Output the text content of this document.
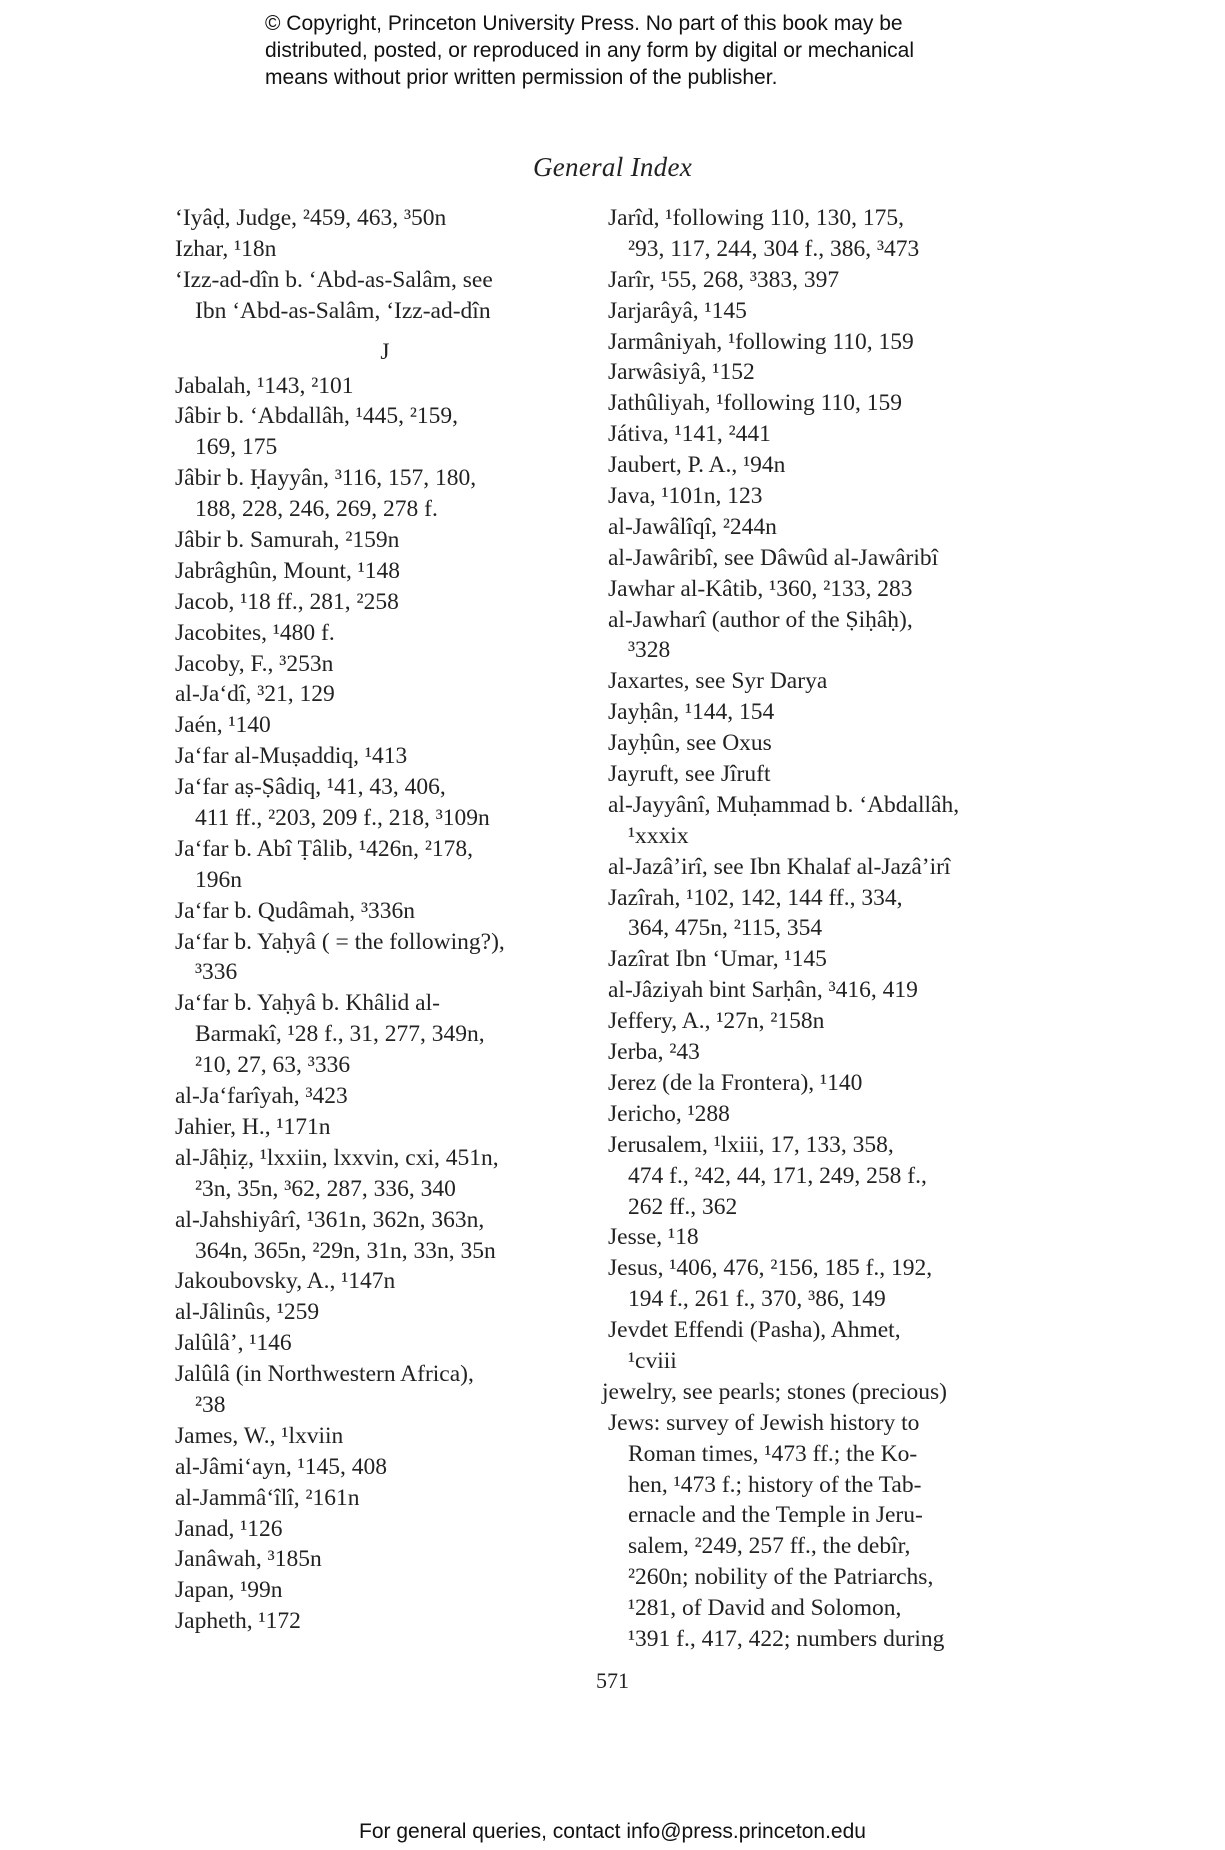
© Copyright, Princeton University Press. No part of this book may be
distributed, posted, or reproduced in any form by digital or mechanical
means without prior written permission of the publisher.
General Index
‘Iyâḍ, Judge, ²459, 463, ³50n
Izhar, ¹18n
‘Izz-ad-dîn b. ‘Abd-as-Salâm, see
Ibn ‘Abd-as-Salâm, ‘Izz-ad-dîn
J
Jabalah, ¹143, ²101
Jâbir b. ‘Abdallâh, ¹445, ²159,
169, 175
Jâbir b. Ḥayyân, ³116, 157, 180,
188, 228, 246, 269, 278 f.
Jâbir b. Samurah, ²159n
Jabrâghûn, Mount, ¹148
Jacob, ¹18 ff., 281, ²258
Jacobites, ¹480 f.
Jacoby, F., ³253n
al-Ja‘dî, ³21, 129
Jaén, ¹140
Ja‘far al-Muṣaddiq, ¹413
Ja‘far aṣ-Ṣâdiq, ¹41, 43, 406,
411 ff., ²203, 209 f., 218, ³109n
Ja‘far b. Abî Ṭâlib, ¹426n, ²178,
196n
Ja‘far b. Qudâmah, ³336n
Ja‘far b. Yaḥyâ ( = the following?),
³336
Ja‘far b. Yaḥyâ b. Khâlid al-
Barmakî, ¹28 f., 31, 277, 349n,
²10, 27, 63, ³336
al-Ja‘farîyah, ³423
Jahier, H., ¹171n
al-Jâḥiẓ, ¹lxxiin, lxxvin, cxi, 451n,
²3n, 35n, ³62, 287, 336, 340
al-Jahshiyârî, ¹361n, 362n, 363n,
364n, 365n, ²29n, 31n, 33n, 35n
Jakoubovsky, A., ¹147n
al-Jâlinûs, ¹259
Jalûlâ’, ¹146
Jalûlâ (in Northwestern Africa),
²38
James, W., ¹lxviin
al-Jâmi‘ayn, ¹145, 408
al-Jammâ‘îlî, ²161n
Janad, ¹126
Janâwah, ³185n
Japan, ¹99n
Japheth, ¹172
Jarîd, ¹following 110, 130, 175,
²93, 117, 244, 304 f., 386, ³473
Jarîr, ¹55, 268, ³383, 397
Jarjarâyâ, ¹145
Jarmâniyah, ¹following 110, 159
Jarwâsiyâ, ¹152
Jathûliyah, ¹following 110, 159
Játiva, ¹141, ²441
Jaubert, P. A., ¹94n
Java, ¹101n, 123
al-Jawâlîqî, ²244n
al-Jawâribî, see Dâwûd al-Jawâribî
Jawhar al-Kâtib, ¹360, ²133, 283
al-Jawharî (author of the Ṣiḥâḥ),
³328
Jaxartes, see Syr Darya
Jayḥân, ¹144, 154
Jayḥûn, see Oxus
Jayruft, see Jîruft
al-Jayyânî, Muḥammad b. ‘Abdallâh,
¹xxxix
al-Jazâ’irî, see Ibn Khalaf al-Jazâ’irî
Jazîrah, ¹102, 142, 144 ff., 334,
364, 475n, ²115, 354
Jazîrat Ibn ‘Umar, ¹145
al-Jâziyah bint Sarḥân, ³416, 419
Jeffery, A., ¹27n, ²158n
Jerba, ²43
Jerez (de la Frontera), ¹140
Jericho, ¹288
Jerusalem, ¹lxiii, 17, 133, 358,
474 f., ²42, 44, 171, 249, 258 f.,
262 ff., 362
Jesse, ¹18
Jesus, ¹406, 476, ²156, 185 f., 192,
194 f., 261 f., 370, ³86, 149
Jevdet Effendi (Pasha), Ahmet,
¹cviii
jewelry, see pearls; stones (precious)
Jews: survey of Jewish history to
Roman times, ¹473 ff.; the Ko-
hen, ¹473 f.; history of the Tab-
ernacle and the Temple in Jeru-
salem, ²249, 257 ff., the debîr,
²260n; nobility of the Patriarchs,
¹281, of David and Solomon,
¹391 f., 417, 422; numbers during
571
For general queries, contact info@press.princeton.edu
